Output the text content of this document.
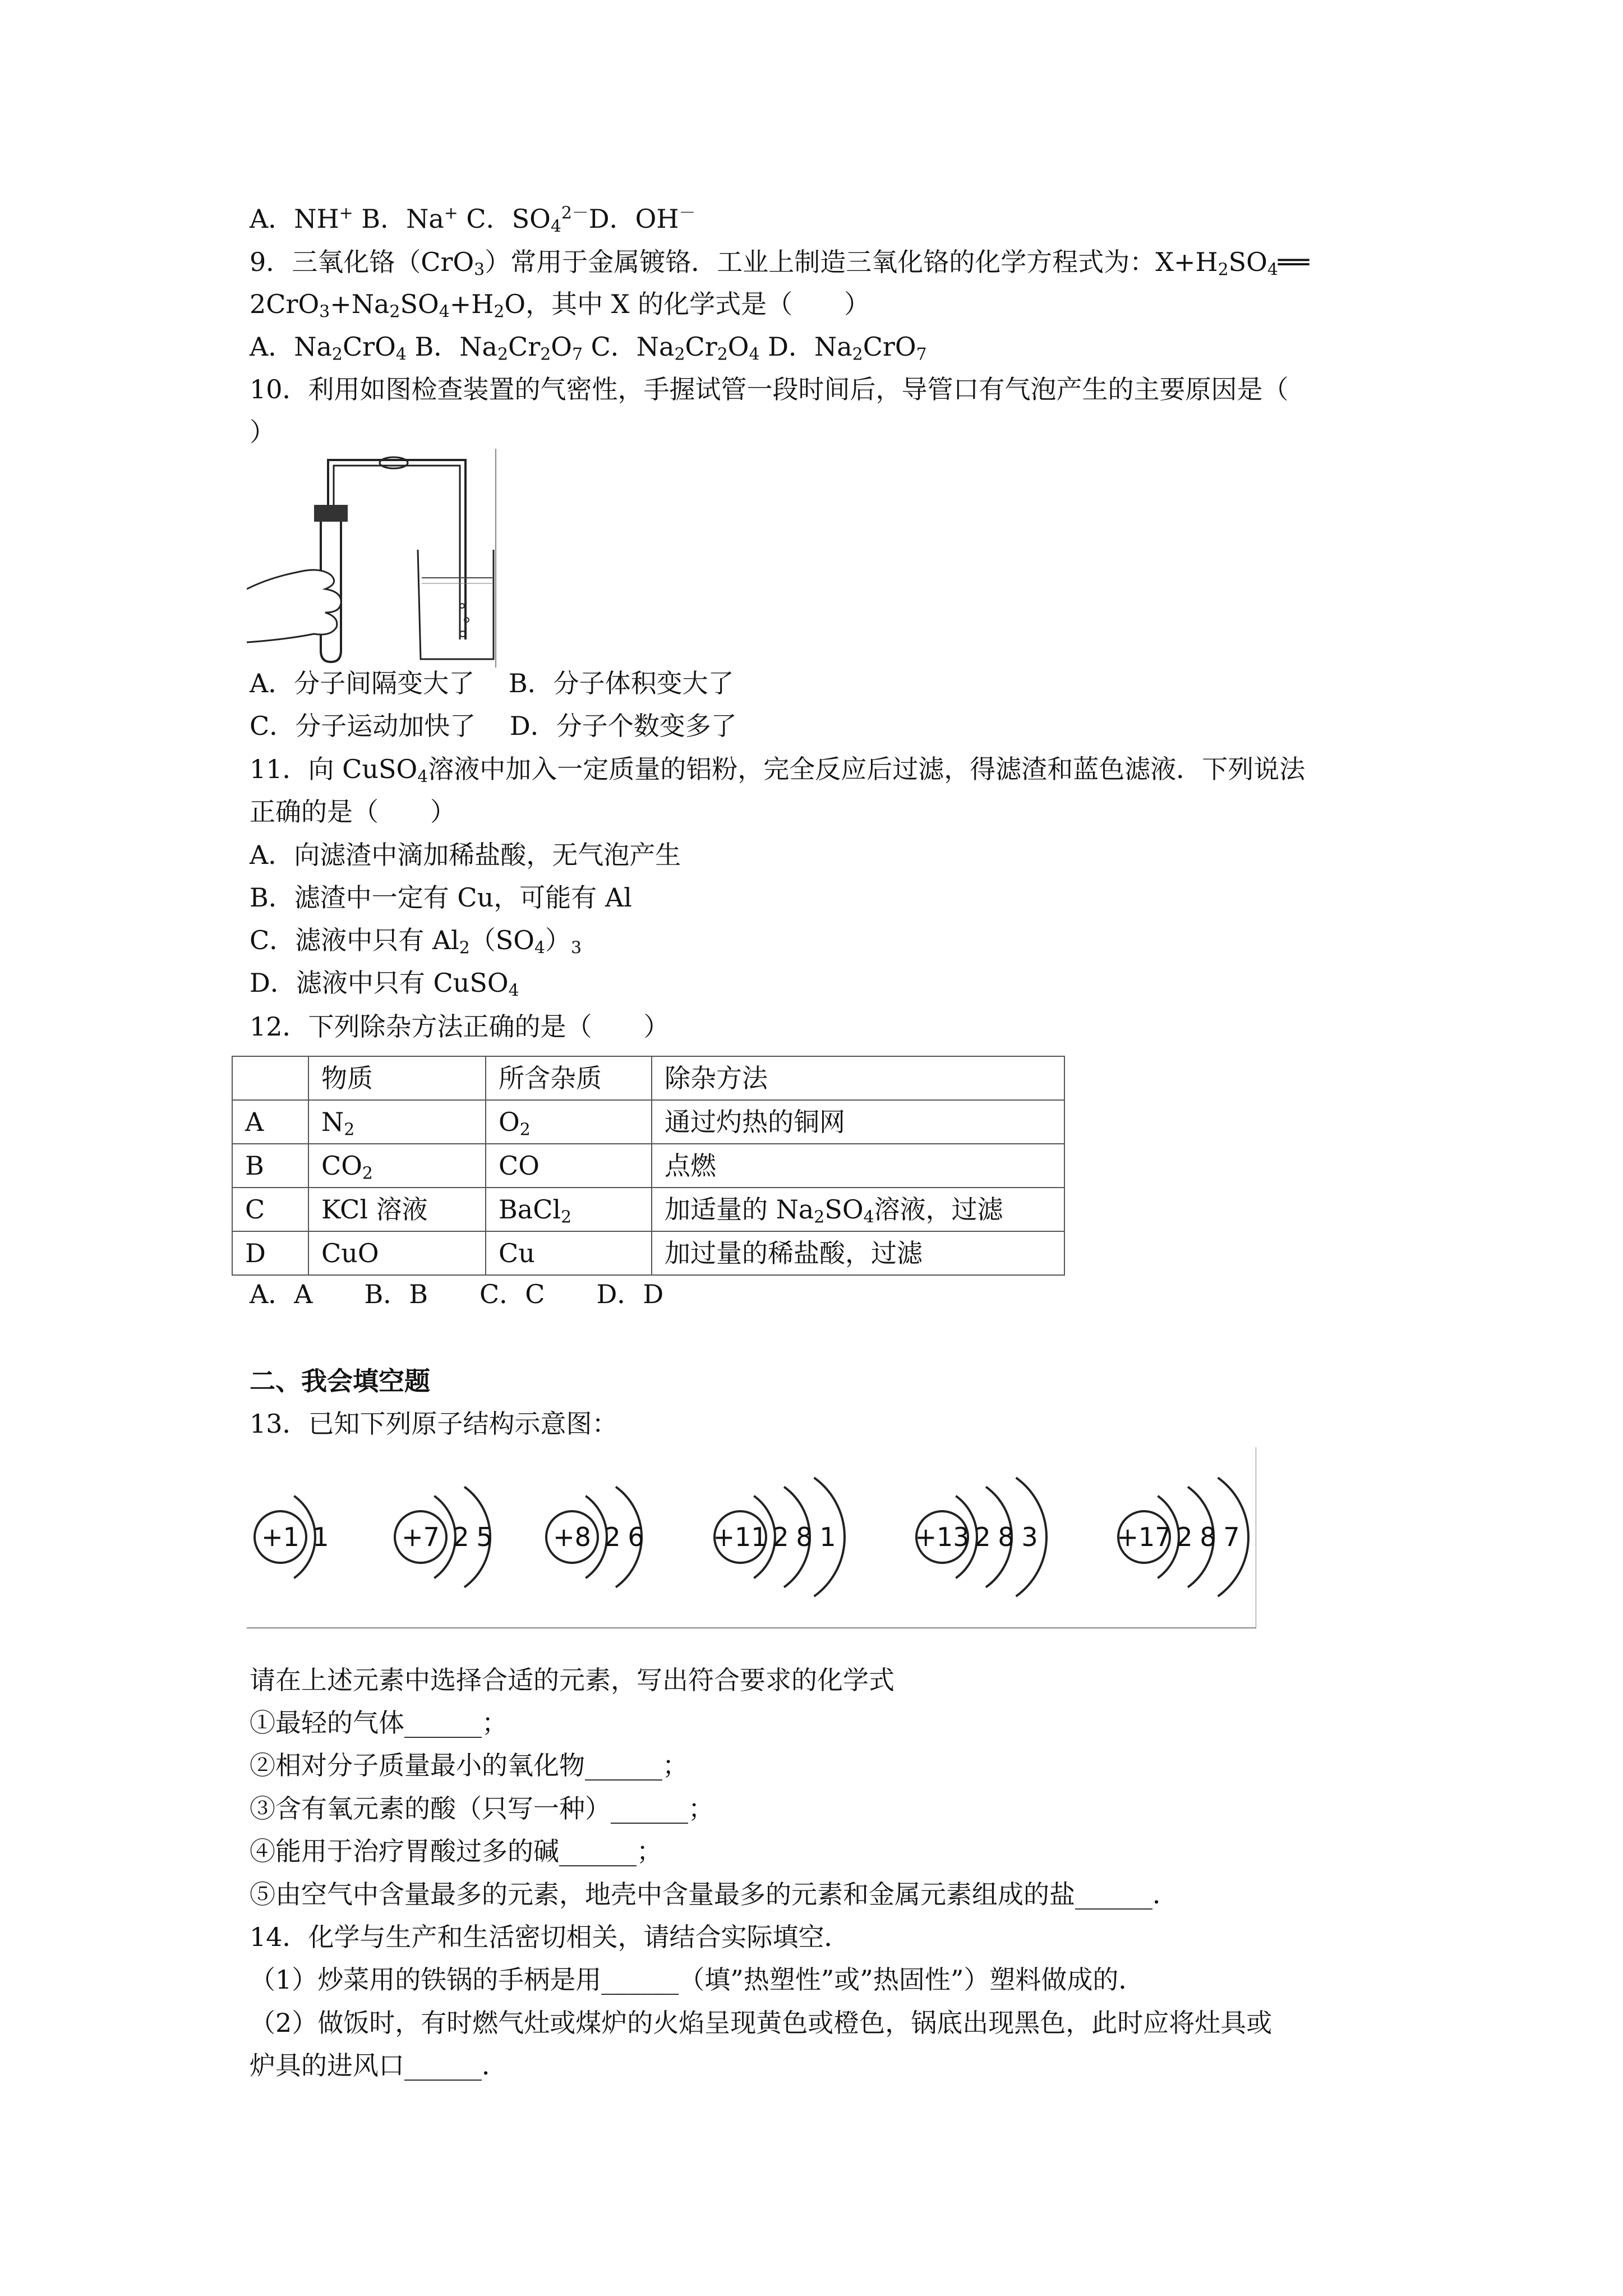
A．NH+ B．Na+ C．$SO_4^{2-}D$．OH－
9．三氧化铬（CrO$_3$）常用于金属镀铬．工业上制造三氧化铬的化学方程式为：$X+H_2SO_4══$
$2CrO_3+Na_2SO_4+H_2O$，其中 X 的化学式是（　　）
A．$Na_2CrO_4$ B．$Na_2Cr_2O_7$ C．$Na_2Cr_2O_4$ D．$Na_2CrO_7$
10．利用如图检查装置的气密性，手握试管一段时间后，导管口有气泡产生的主要原因是（
）
A．分子间隔变大了　 B．分子体积变大了
C．分子运动加快了　 D．分子个数变多了
11．向 CuSO$_4$溶液中加入一定质量的铝粉，完全反应后过滤，得滤渣和蓝色滤液．下列说法
正确的是（　　）
A．向滤渣中滴加稀盐酸，无气泡产生
B．滤渣中一定有 Cu，可能有 Al
C．滤液中只有 $Al_2(SO_4)_3$
D．滤液中只有 CuSO$_4$
12．下列除杂方法正确的是（　　）
	物质	所含杂质	除杂方法
A	$N_2$	$O_2$	通过灼热的铜网
B	$CO_2$	CO	点燃
C	KCl 溶液	BaCl$_2$	加适量的 $Na_2SO_4$溶液，过滤
D	CuO	Cu	加过量的稀盐酸，过滤
A．A　　B．B　　C．C　　D．D
二、我会填空题
13．已知下列原子结构示意图：
+1 1	+7 2 5 +8 2 6	+11 2 8 1	+13 2 8 3	+17 2 8 7
请在上述元素中选择合适的元素，写出符合要求的化学式
①最轻的气体______；
②相对分子质量最小的氧化物______；
③含有氧元素的酸（只写一种）______；
④能用于治疗胃酸过多的碱______；
⑤由空气中含量最多的元素，地壳中含量最多的元素和金属元素组成的盐______．
14．化学与生产和生活密切相关，请结合实际填空．
（1）炒菜用的铁锅的手柄是用______（填”热塑性”或”热固性”）塑料做成的．
（2）做饭时，有时燃气灶或煤炉的火焰呈现黄色或橙色，锅底出现黑色，此时应将灶具或
炉具的进风口______．
